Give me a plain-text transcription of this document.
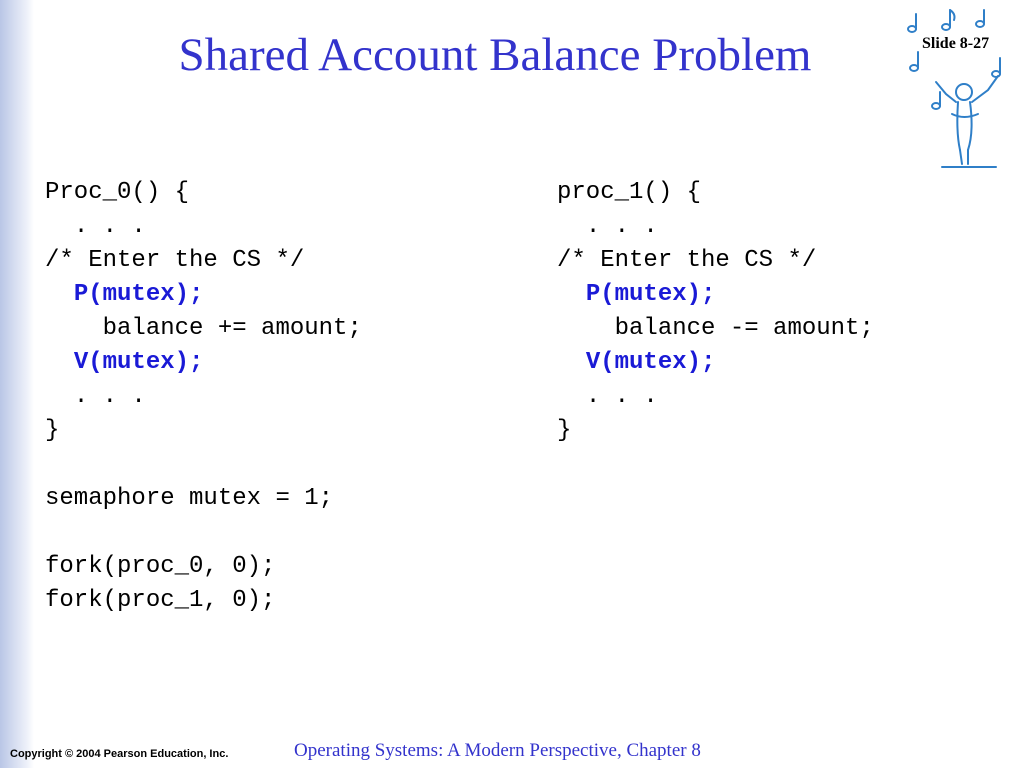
Shared Account Balance Problem	Slide 8-27
Proc_0() {
. . .
/* Enter the CS */
P(mutex);
balance += amount;
V(mutex);
. . .
}
semaphore mutex = 1;
fork(proc_0, 0);
fork(proc_1, 0);
proc_1() {
. . .
/* Enter the CS */
P(mutex);
balance -= amount;
V(mutex);
. . .
}
Copyright © 2004 Pearson Education, Inc.	Operating Systems: A Modern Perspective, Chapter 8
